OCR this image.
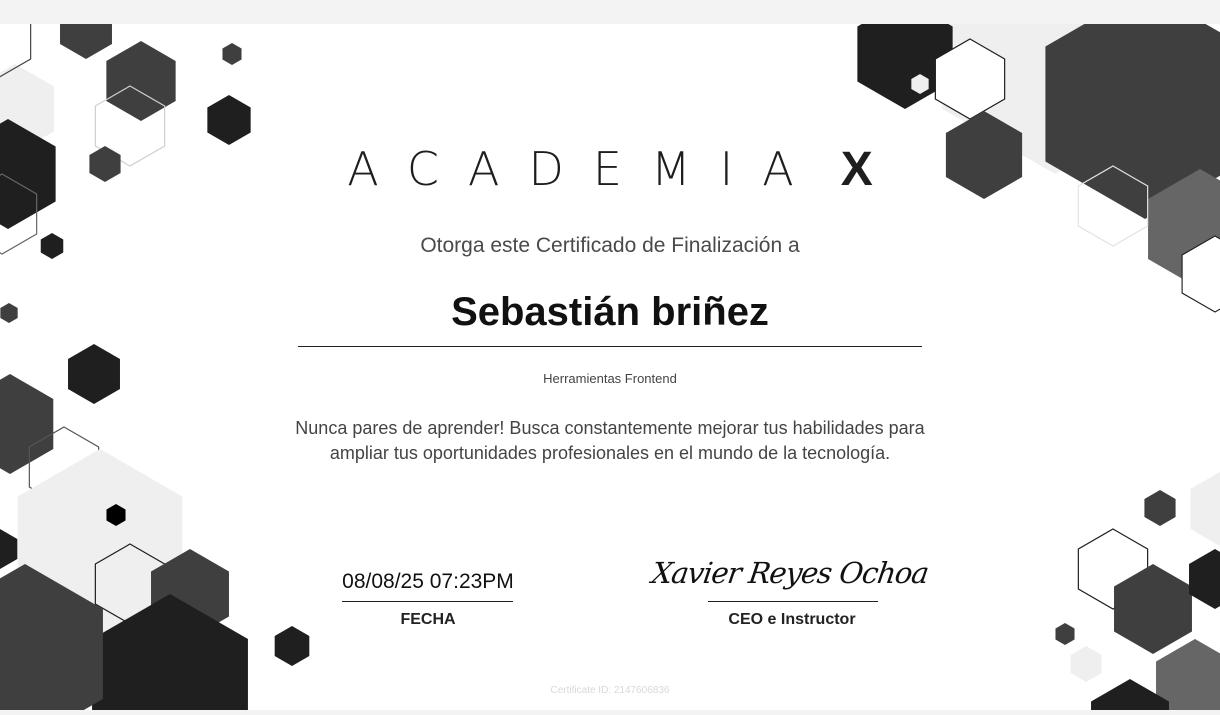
ACADEMIA X
Otorga este Certificado de Finalización a
Sebastián briñez
Herramientas Frontend
Nunca pares de aprender! Busca constantemente mejorar tus habilidades para ampliar tus oportunidades profesionales en el mundo de la tecnología.
08/08/25 07:23PM
FECHA
Xavier Reyes Ochoa
CEO e Instructor
Certificate ID: 2147606836
